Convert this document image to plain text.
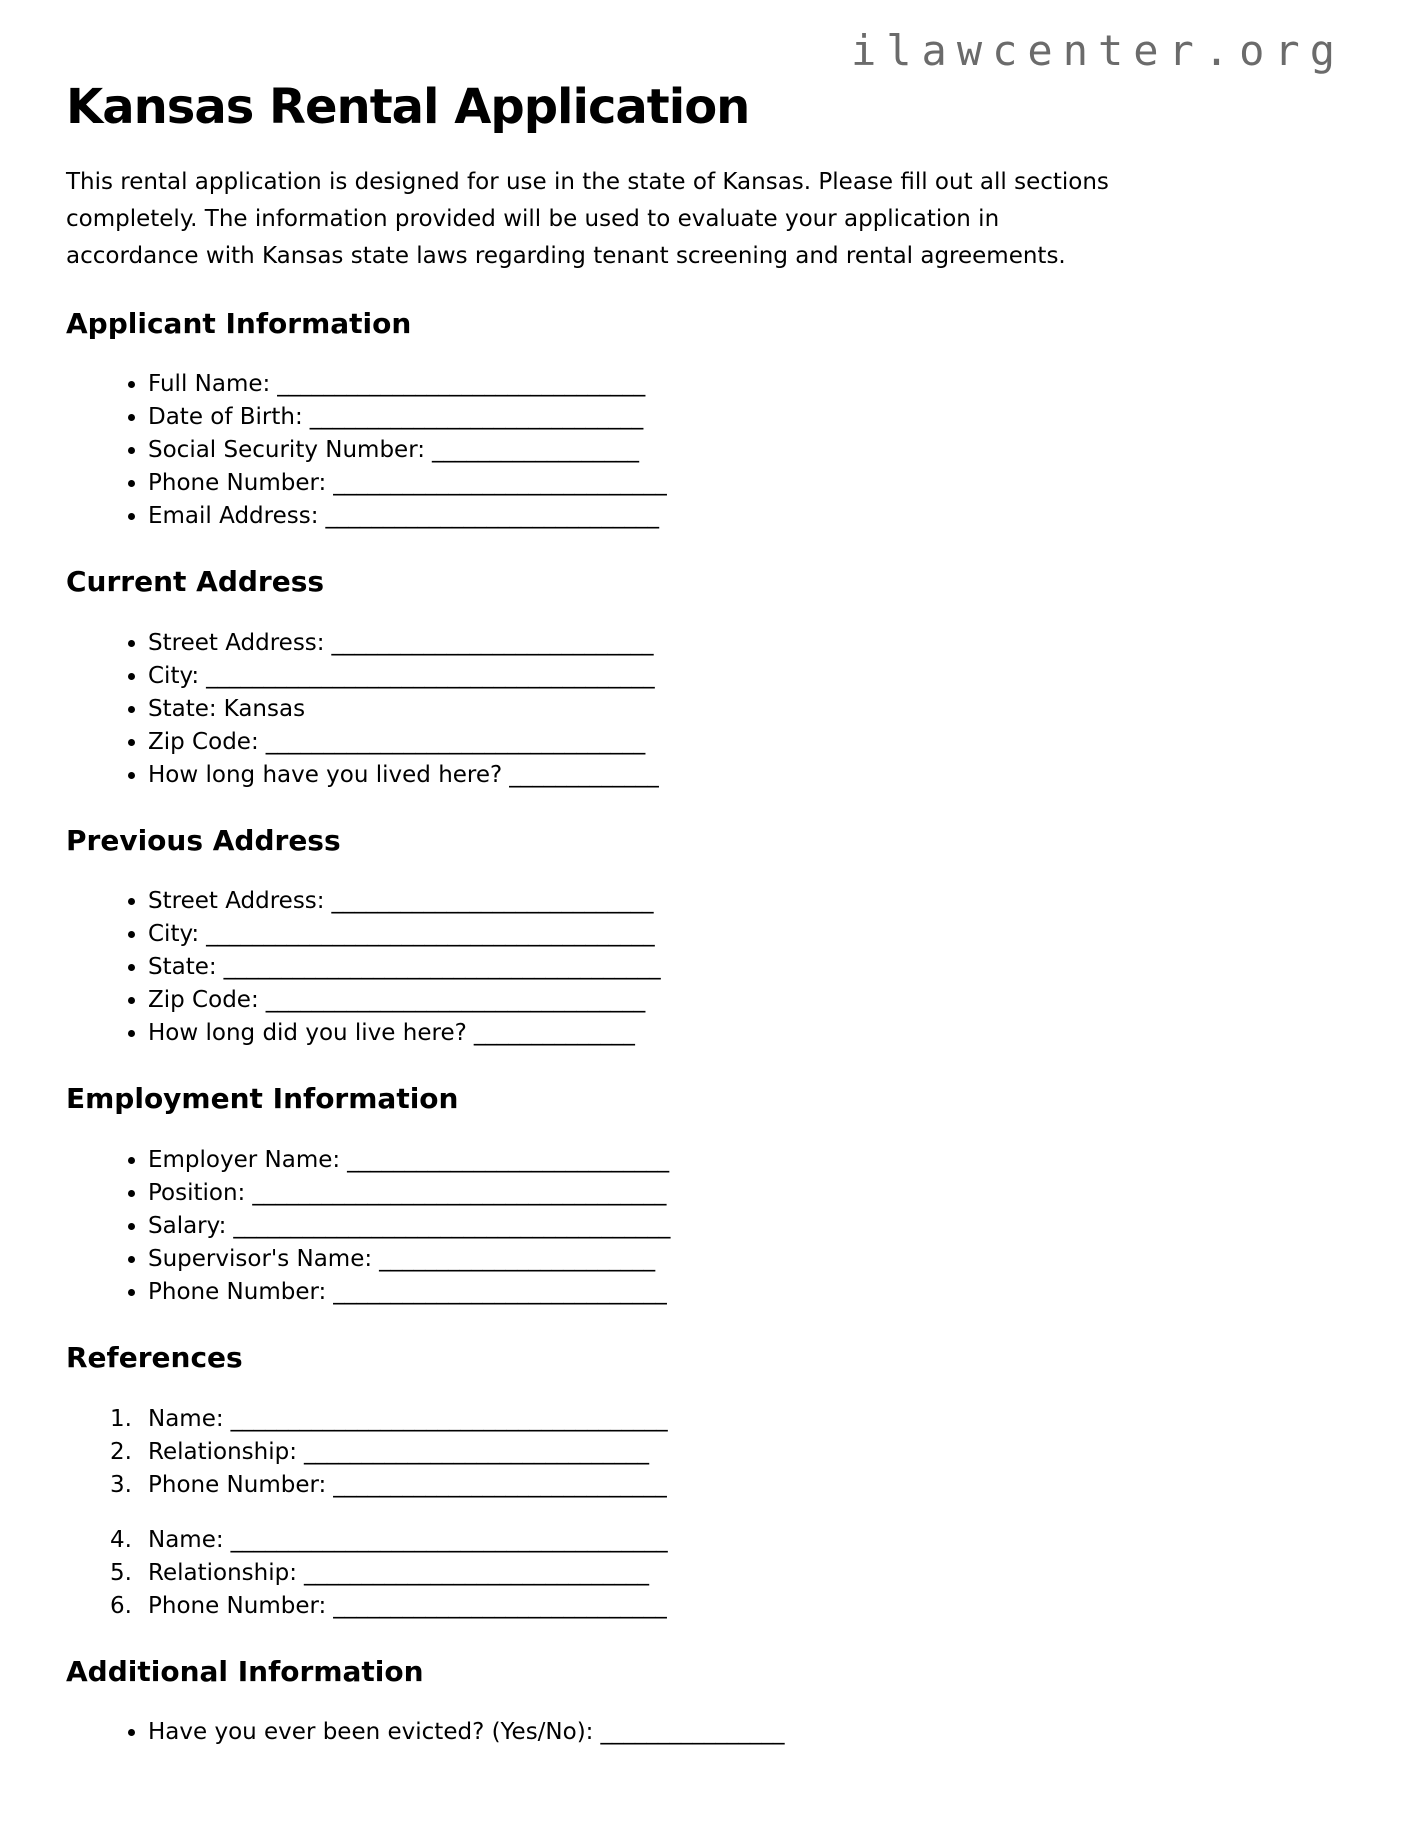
ilawcenter.org
Kansas Rental Application

This rental application is designed for use in the state of Kansas. Please fill out all sections
completely. The information provided will be used to evaluate your application in
accordance with Kansas state laws regarding tenant screening and rental agreements.

Applicant Information
• Full Name: ________________________________
• Date of Birth: _____________________________
• Social Security Number: __________________
• Phone Number: _____________________________
• Email Address: _____________________________
Current Address
• Street Address: ____________________________
• City: _______________________________________
• State: Kansas
• Zip Code: _________________________________
• How long have you lived here? _____________
Previous Address
• Street Address: ____________________________
• City: _______________________________________
• State: ______________________________________
• Zip Code: _________________________________
• How long did you live here? ______________
Employment Information
• Employer Name: ____________________________
• Position: ____________________________________
• Salary: ______________________________________
• Supervisor's Name: ________________________
• Phone Number: _____________________________
References
1. Name: ______________________________________
2. Relationship: ______________________________
3. Phone Number: _____________________________
4. Name: ______________________________________
5. Relationship: ______________________________
6. Phone Number: _____________________________
Additional Information
• Have you ever been evicted? (Yes/No): ________________
